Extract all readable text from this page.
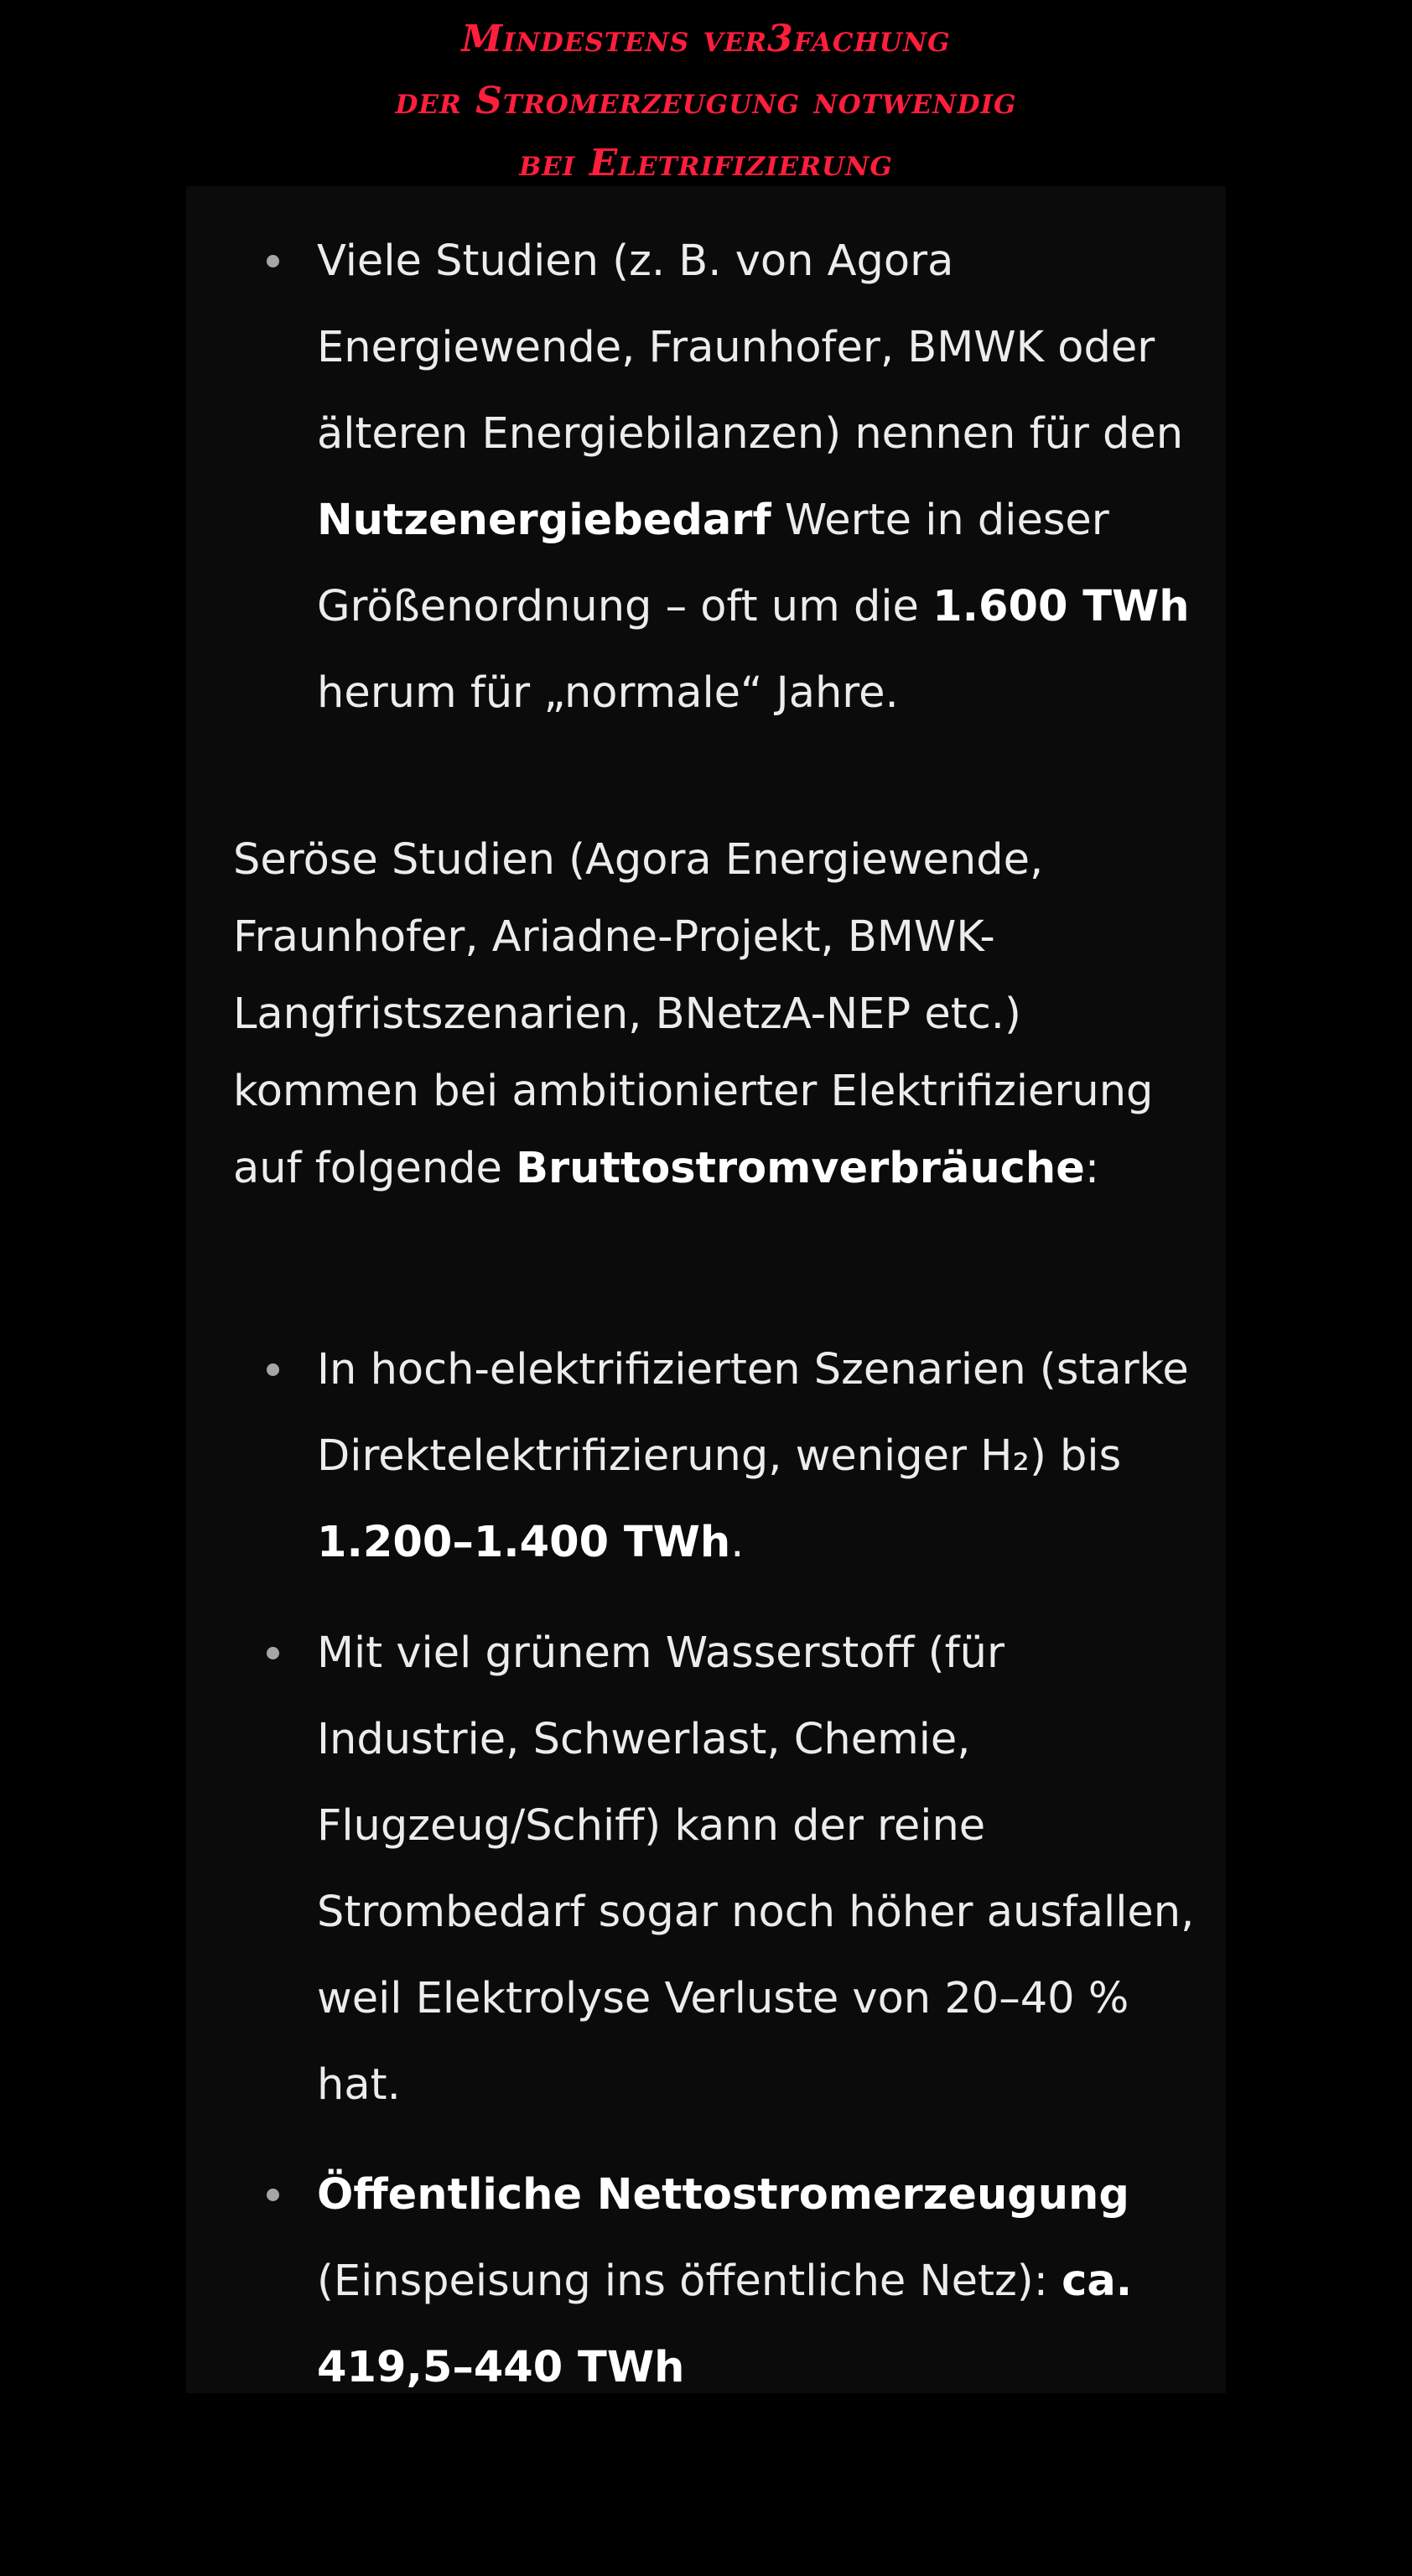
Mindestens ver3fachung
der Stromerzeugung notwendig
bei Eletrifizierung

Viele Studien (z. B. von Agora Energiewende, Fraunhofer, BMWK oder älteren Energiebilanzen) nennen für den Nutzenergiebedarf Werte in dieser Größenordnung – oft um die 1.600 TWh herum für „normale“ Jahre.

Seröse Studien (Agora Energiewende, Fraunhofer, Ariadne-Projekt, BMWK-Langfristszenarien, BNetzA-NEP etc.) kommen bei ambitionierter Elektrifizierung auf folgende Bruttostromverbräuche:

In hoch-elektrifizierten Szenarien (starke Direktelektrifizierung, weniger H₂) bis 1.200–1.400 TWh.

Mit viel grünem Wasserstoff (für Industrie, Schwerlast, Chemie, Flugzeug/Schiff) kann der reine Strombedarf sogar noch höher ausfallen, weil Elektrolyse Verluste von 20–40 % hat.

Öffentliche Nettostromerzeugung (Einspeisung ins öffentliche Netz): ca. 419,5–440 TWh
